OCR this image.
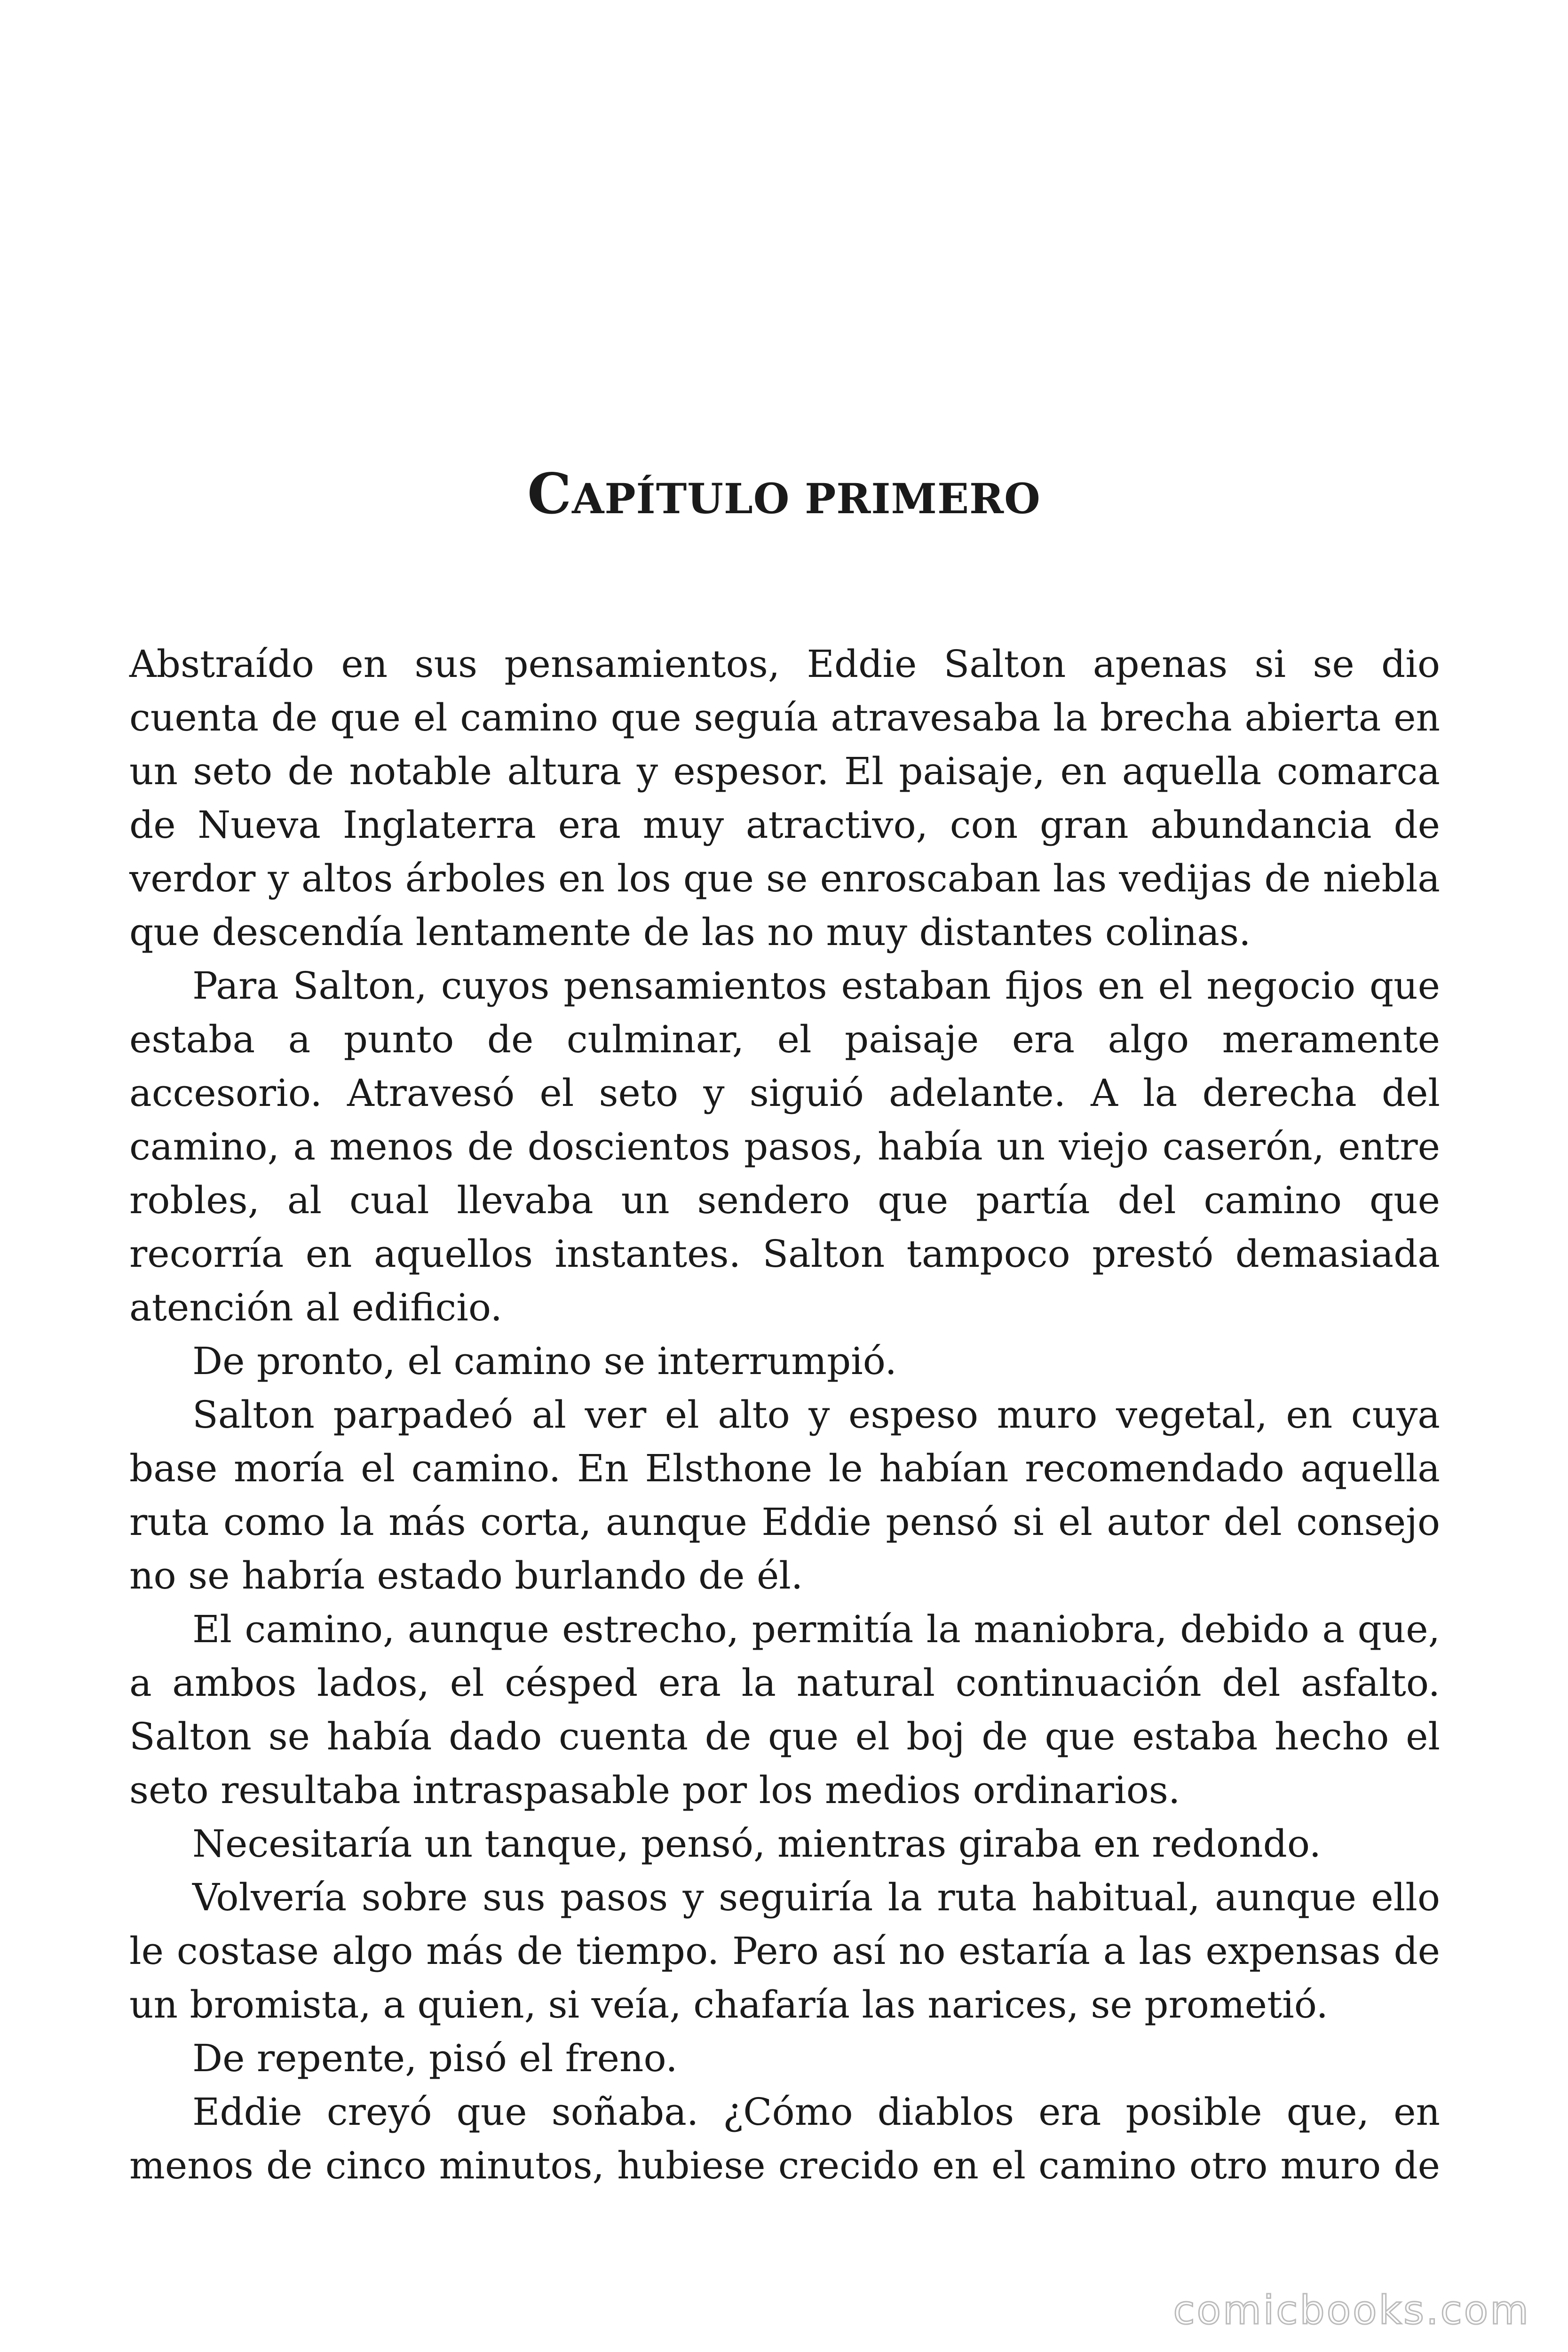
CAPÍTULO PRIMERO

Abstraído en sus pensamientos, Eddie Salton apenas si se dio cuenta de que el camino que seguía atravesaba la brecha abierta en un seto de notable altura y espesor. El paisaje, en aquella comarca de Nueva Inglaterra era muy atractivo, con gran abundancia de verdor y altos árboles en los que se enroscaban las vedijas de niebla que descendía lentamente de las no muy distantes colinas.

Para Salton, cuyos pensamientos estaban fijos en el negocio que estaba a punto de culminar, el paisaje era algo meramente accesorio. Atravesó el seto y siguió adelante. A la derecha del camino, a menos de doscientos pasos, había un viejo caserón, entre robles, al cual llevaba un sendero que partía del camino que recorría en aquellos instantes. Salton tampoco prestó demasiada atención al edificio.

De pronto, el camino se interrumpió.

Salton parpadeó al ver el alto y espeso muro vegetal, en cuya base moría el camino. En Elsthone le habían recomendado aquella ruta como la más corta, aunque Eddie pensó si el autor del consejo no se habría estado burlando de él.

El camino, aunque estrecho, permitía la maniobra, debido a que, a ambos lados, el césped era la natural continuación del asfalto. Salton se había dado cuenta de que el boj de que estaba hecho el seto resultaba intraspasable por los medios ordinarios.

Necesitaría un tanque, pensó, mientras giraba en redondo.

Volvería sobre sus pasos y seguiría la ruta habitual, aunque ello le costase algo más de tiempo. Pero así no estaría a las expensas de un bromista, a quien, si veía, chafaría las narices, se prometió.

De repente, pisó el freno.

Eddie creyó que soñaba. ¿Cómo diablos era posible que, en menos de cinco minutos, hubiese crecido en el camino otro muro de

comicbooks.com
